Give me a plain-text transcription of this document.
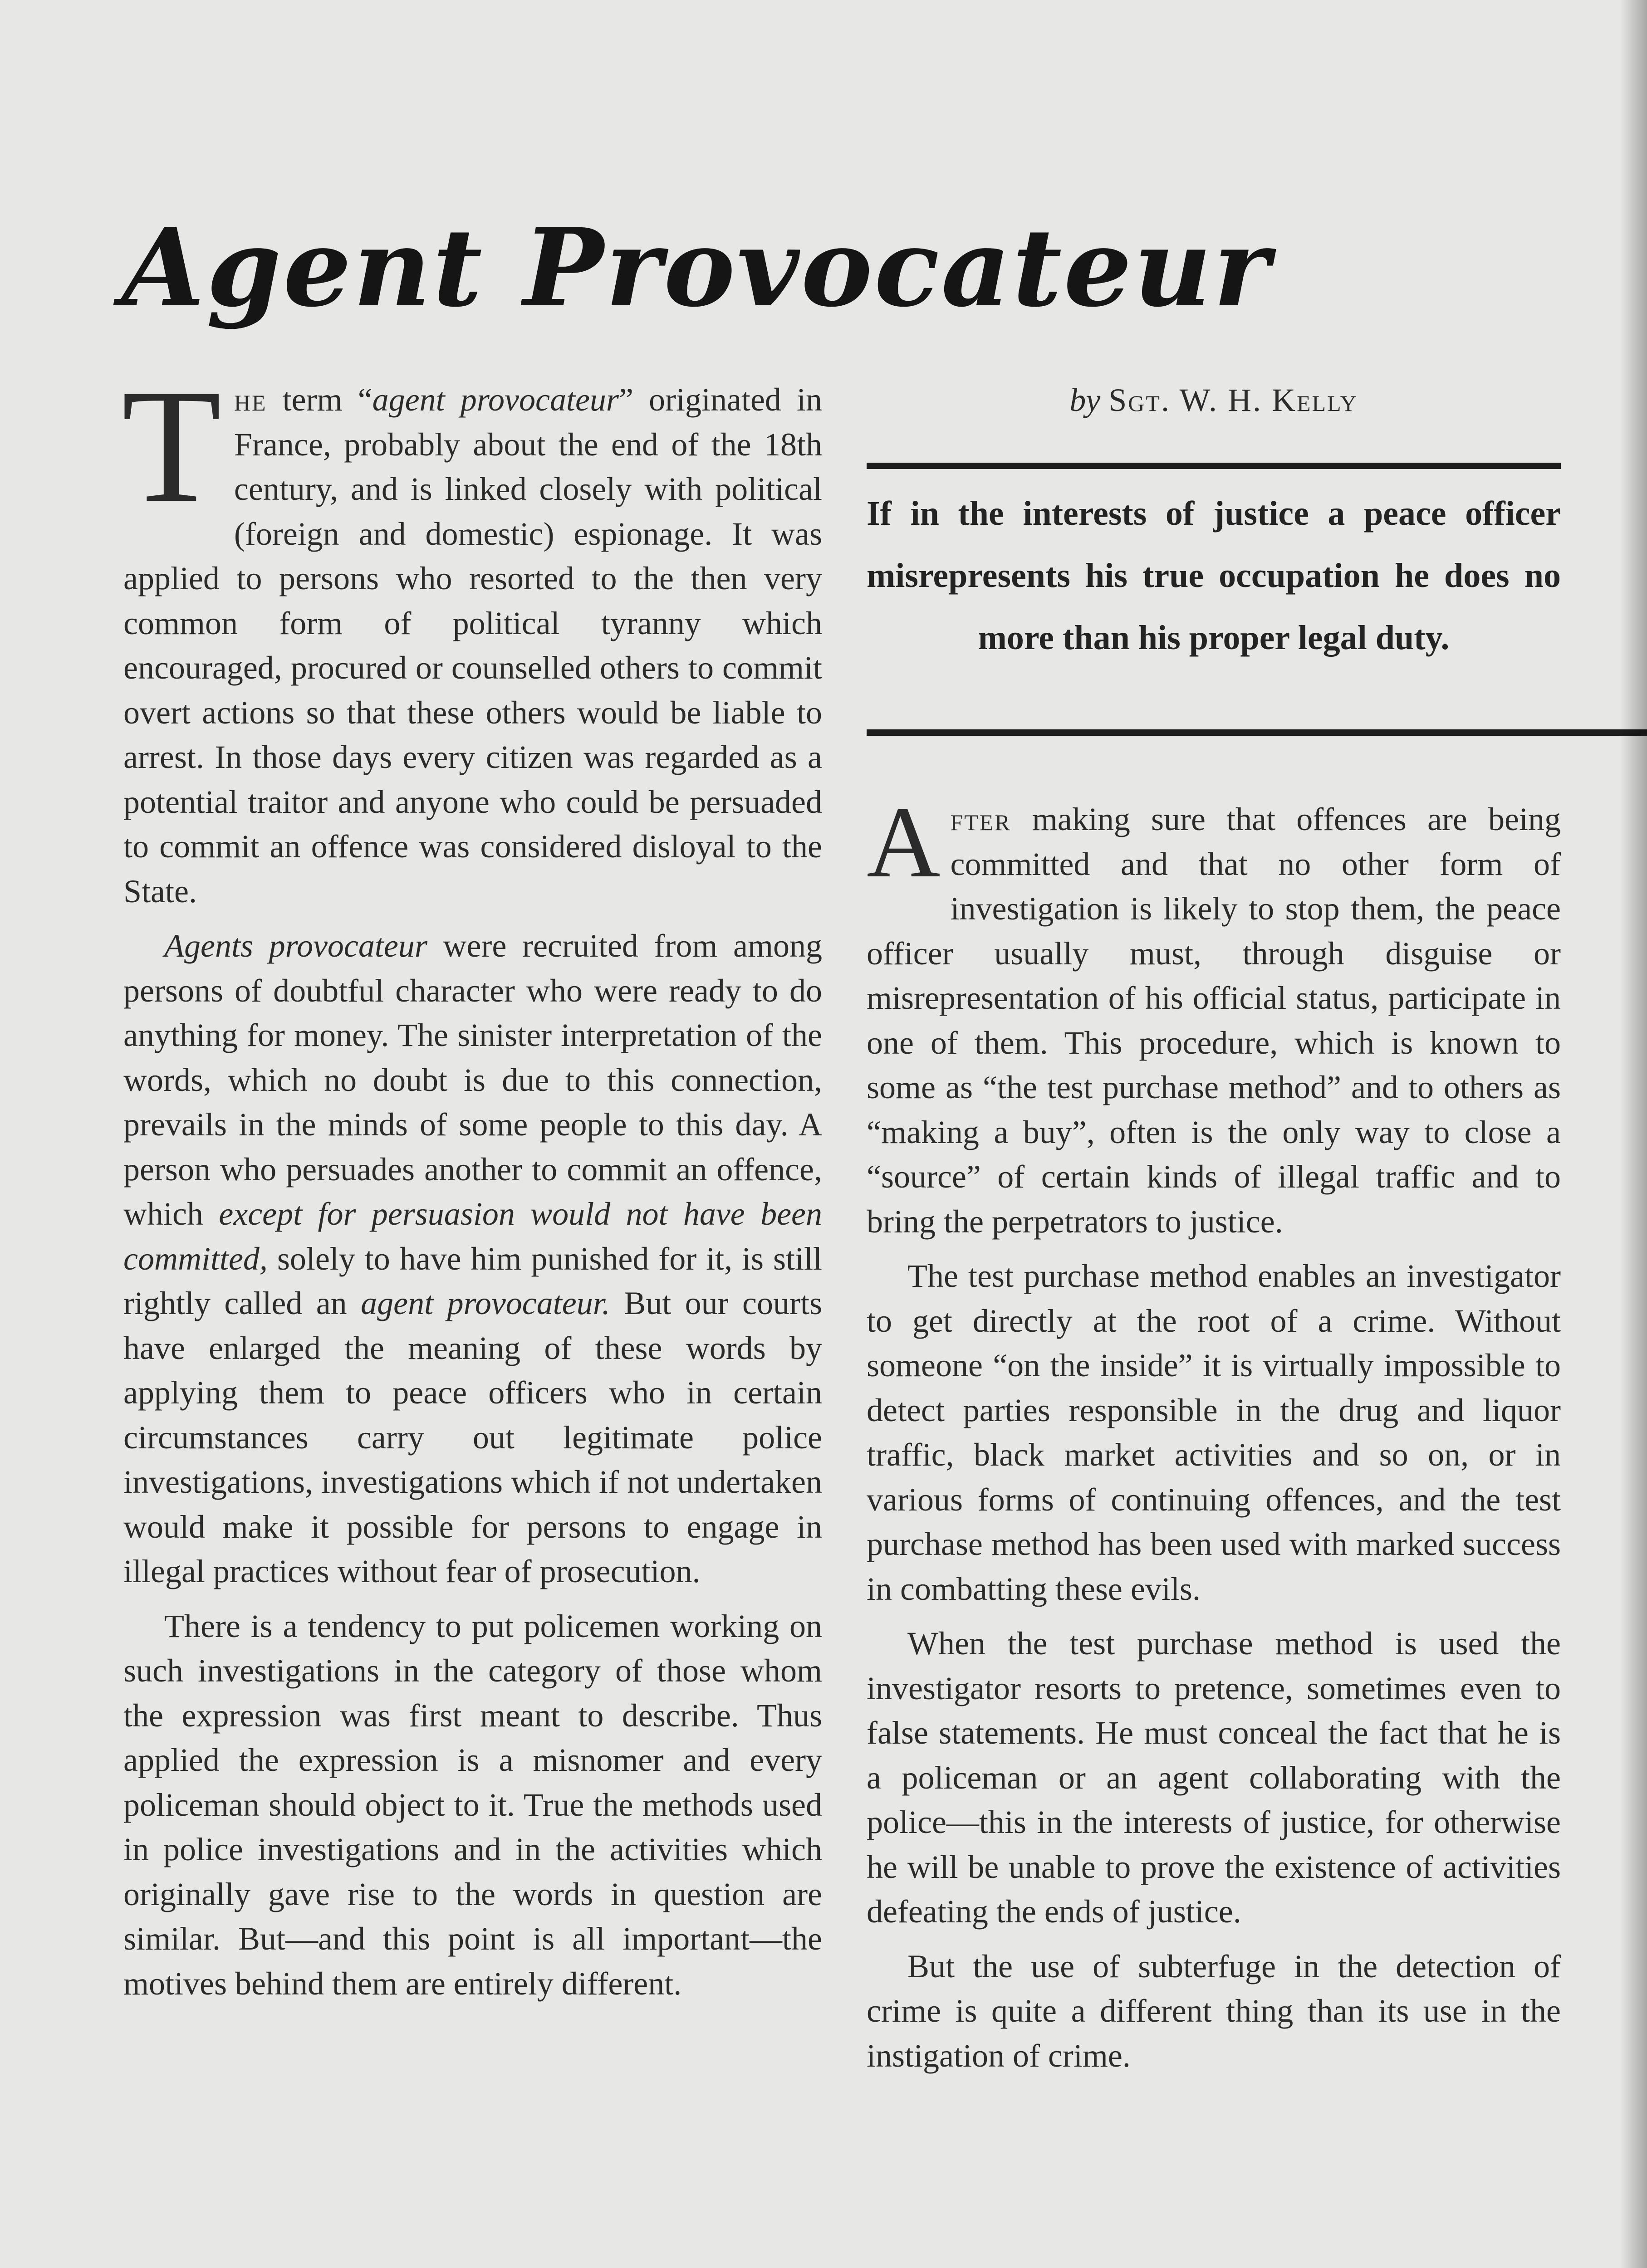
Agent Provocateur

The term “agent provocateur” originated in France, probably about the end of the 18th century, and is linked closely with political (foreign and domestic) espionage. It was applied to persons who resorted to the then very common form of political tyranny which encouraged, procured or counselled others to commit overt actions so that these others would be liable to arrest. In those days every citizen was regarded as a potential traitor and anyone who could be persuaded to commit an offence was considered disloyal to the State.

Agents provocateur were recruited from among persons of doubtful character who were ready to do anything for money. The sinister interpretation of the words, which no doubt is due to this connection, prevails in the minds of some people to this day. A person who persuades another to commit an offence, which except for persuasion would not have been committed, solely to have him punished for it, is still rightly called an agent provocateur. But our courts have enlarged the meaning of these words by applying them to peace officers who in certain circumstances carry out legitimate police investigations, investigations which if not undertaken would make it possible for persons to engage in illegal practices without fear of prosecution.

There is a tendency to put policemen working on such investigations in the category of those whom the expression was first meant to describe. Thus applied the expression is a misnomer and every policeman should object to it. True the methods used in police investigations and in the activities which originally gave rise to the words in question are similar. But—and this point is all important—the motives behind them are entirely different.

by Sgt. W. H. Kelly

If in the interests of justice a peace officer misrepresents his true occupation he does no more than his proper legal duty.

After making sure that offences are being committed and that no other form of investigation is likely to stop them, the peace officer usually must, through disguise or misrepresentation of his official status, participate in one of them. This procedure, which is known to some as “the test purchase method” and to others as “making a buy”, often is the only way to close a “source” of certain kinds of illegal traffic and to bring the perpetrators to justice.

The test purchase method enables an investigator to get directly at the root of a crime. Without someone “on the inside” it is virtually impossible to detect parties responsible in the drug and liquor traffic, black market activities and so on, or in various forms of continuing offences, and the test purchase method has been used with marked success in combatting these evils.

When the test purchase method is used the investigator resorts to pretence, sometimes even to false statements. He must conceal the fact that he is a policeman or an agent collaborating with the police—this in the interests of justice, for otherwise he will be unable to prove the existence of activities defeating the ends of justice.

But the use of subterfuge in the detection of crime is quite a different thing than its use in the instigation of crime.
